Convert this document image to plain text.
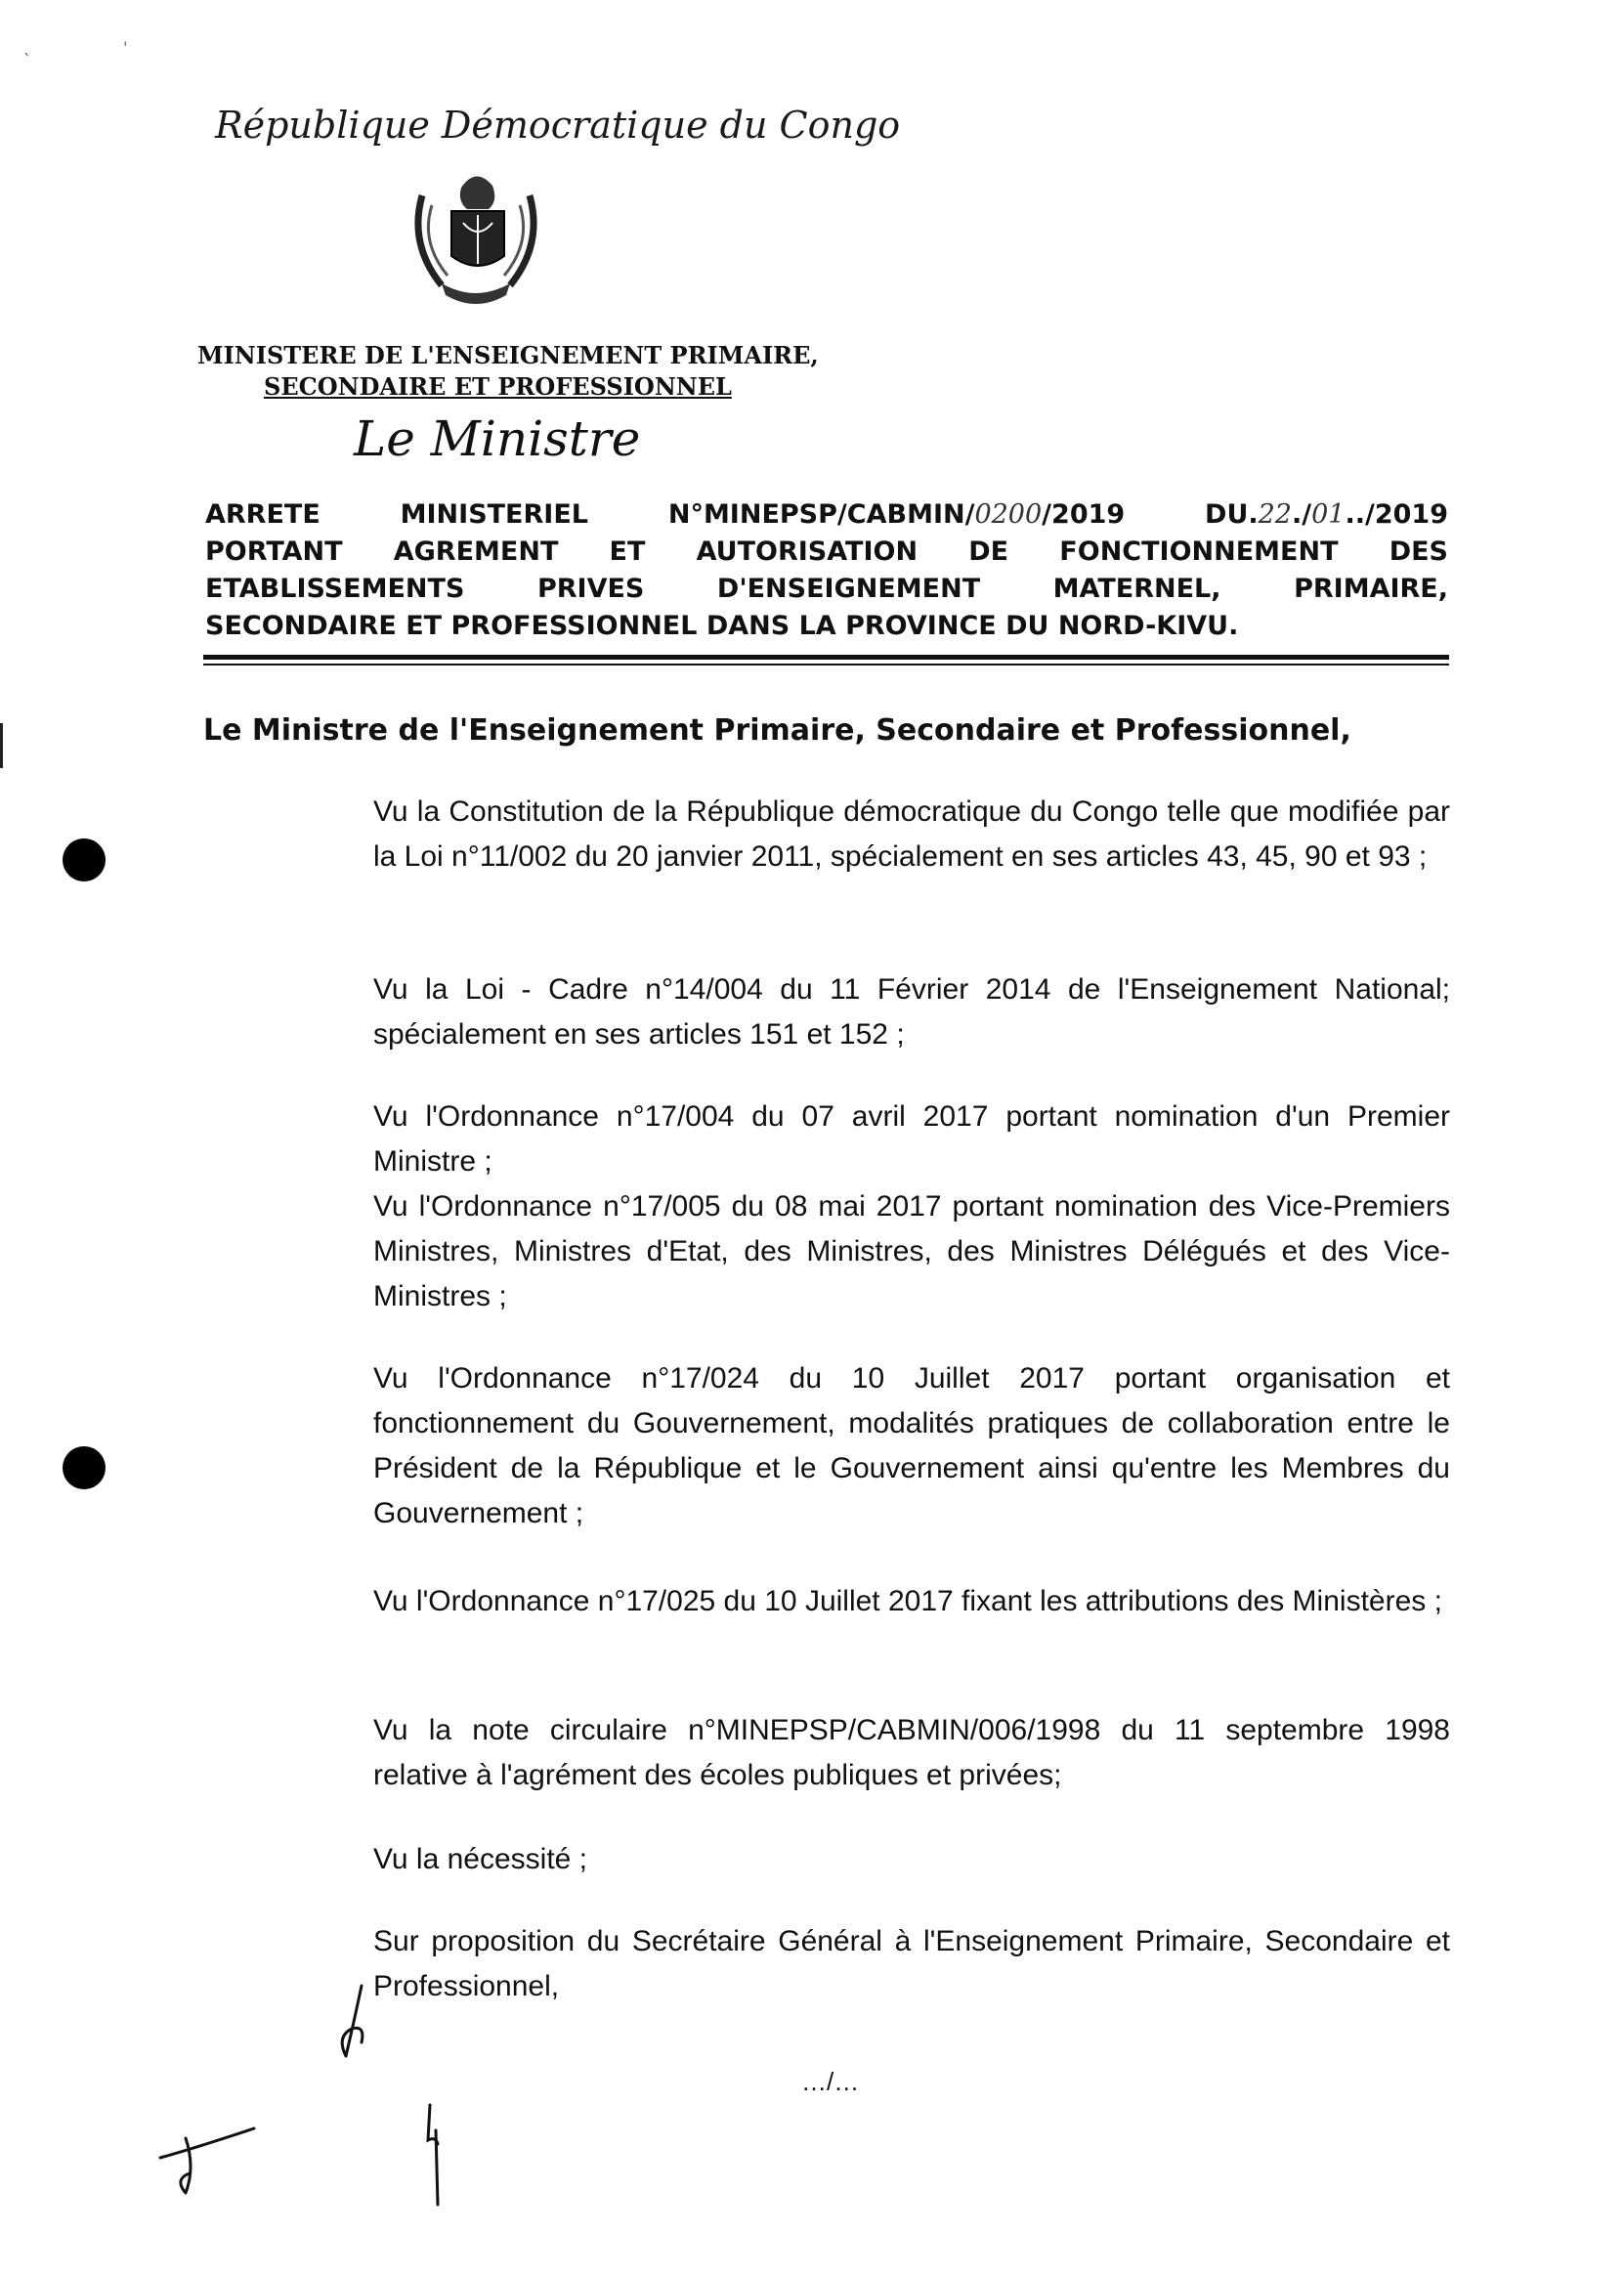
ˎ	ˈ
République Démocratique du Congo
MINISTERE DE L'ENSEIGNEMENT PRIMAIRE,
SECONDAIRE ET PROFESSIONNEL
Le Ministre
ARRETE	MINISTERIEL	N°MINEPSP/CABMIN/0200/2019	DU.22./01../2019
PORTANT AGREMENT ET AUTORISATION DE FONCTIONNEMENT DES
ETABLISSEMENTS PRIVES D'ENSEIGNEMENT MATERNEL, PRIMAIRE,
SECONDAIRE ET PROFESSIONNEL DANS LA PROVINCE DU NORD-KIVU.
Le Ministre de l'Enseignement Primaire, Secondaire et Professionnel,
Vu la Constitution de la République démocratique du Congo telle que modifiée par la Loi n°11/002 du 20 janvier 2011, spécialement en ses articles 43, 45, 90 et 93 ;
Vu la Loi - Cadre n°14/004 du 11 Février 2014 de l'Enseignement National; spécialement en ses articles 151 et 152 ;
Vu l'Ordonnance n°17/004 du 07 avril 2017 portant nomination d'un Premier Ministre ;
Vu l'Ordonnance n°17/005 du 08 mai 2017 portant nomination des Vice-Premiers Ministres, Ministres d'Etat, des Ministres, des Ministres Délégués et des Vice-Ministres ;
Vu l'Ordonnance n°17/024 du 10 Juillet 2017 portant organisation et fonctionnement du Gouvernement, modalités pratiques de collaboration entre le Président de la République et le Gouvernement ainsi qu'entre les Membres du Gouvernement ;
Vu l'Ordonnance n°17/025 du 10 Juillet 2017 fixant les attributions des Ministères ;
Vu la note circulaire n°MINEPSP/CABMIN/006/1998 du 11 septembre 1998 relative à l'agrément des écoles publiques et privées;
Vu la nécessité ;
Sur proposition du Secrétaire Général à l'Enseignement Primaire, Secondaire et Professionnel,
…/…
